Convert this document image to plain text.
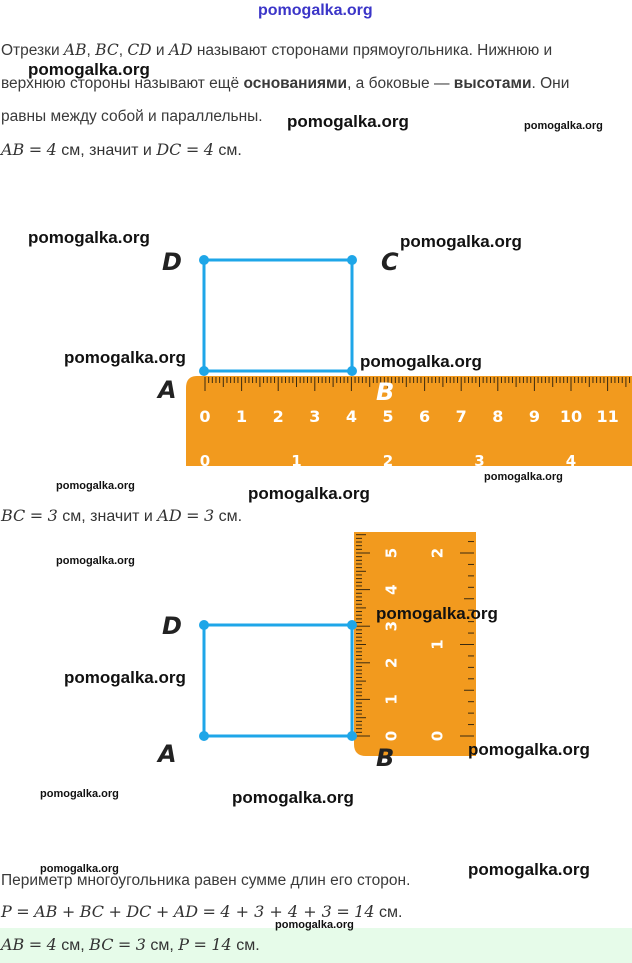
pomogalka.org
Отрезки AB, BC, CD и AD называют сторонами прямоугольника. Нижнюю и
верхнюю стороны называют ещё основаниями, а боковые — высотами. Они
равны между собой и параллельны.
AB = 4 см, значит и DC = 4 см.
0 1 2 3 4 5 6 7 8 9 10 11
0	1	2	3	4
D	C
A	B
BC = 3 см, значит и AD = 3 см.
0
1
2
3
4
5
0
1
2
D
A	B
Периметр многоугольника равен сумме длин его сторон.
P = AB + BC + DC + AD = 4 + 3 + 4 + 3 = 14 см.
AB = 4 см, BC = 3 см, P = 14 см.
pomogalka.org
pomogalka.org	pomogalka.org
pomogalka.org	pomogalka.org
pomogalka.org	pomogalka.org
pomogalka.org
pomogalka.org
pomogalka.org
pomogalka.org
pomogalka.org
pomogalka.org
pomogalka.org
pomogalka.org	pomogalka.org
pomogalka.org	pomogalka.org
pomogalka.org
